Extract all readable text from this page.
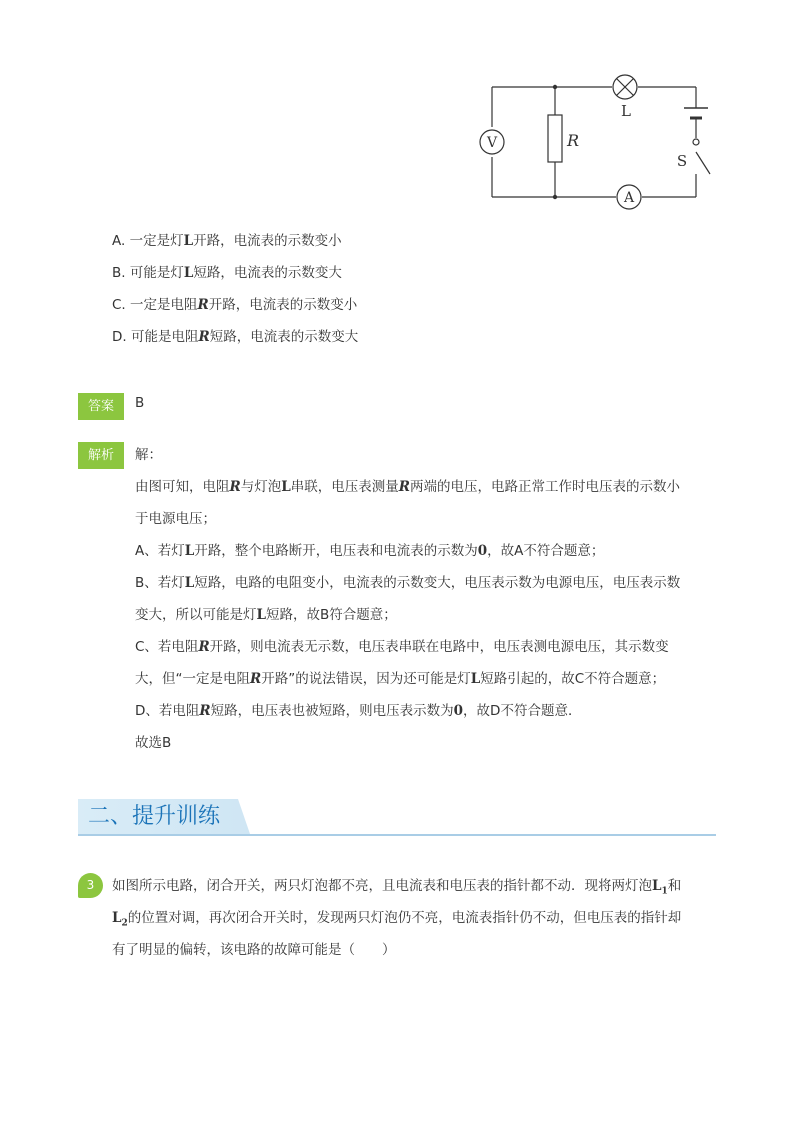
R
V
L
S
A
A. 一定是灯L开路，电流表的示数变小
B. 可能是灯L短路，电流表的示数变大
C. 一定是电阻R开路，电流表的示数变小
D. 可能是电阻R短路，电流表的示数变大
答案	B
解析	解：
由图可知，电阻R与灯泡L串联，电压表测量R两端的电压，电路正常工作时电压表的示数小
于电源电压；
A、若灯L开路，整个电路断开，电压表和电流表的示数为0，故A不符合题意；
B、若灯L短路，电路的电阻变小，电流表的示数变大，电压表示数为电源电压，电压表示数
变大，所以可能是灯L短路，故B符合题意；
C、若电阻R开路，则电流表无示数，电压表串联在电路中，电压表测电源电压，其示数变
大，但“一定是电阻R开路”的说法错误，因为还可能是灯L短路引起的，故C不符合题意；
D、若电阻R短路，电压表也被短路，则电压表示数为0，故D不符合题意．
故选B
二、提升训练
3	如图所示电路，闭合开关，两只灯泡都不亮，且电流表和电压表的指针都不动．现将两灯泡$L_1$和
$L_2$的位置对调，再次闭合开关时，发现两只灯泡仍不亮，电流表指针仍不动，但电压表的指针却
有了明显的偏转，该电路的故障可能是（　　）
